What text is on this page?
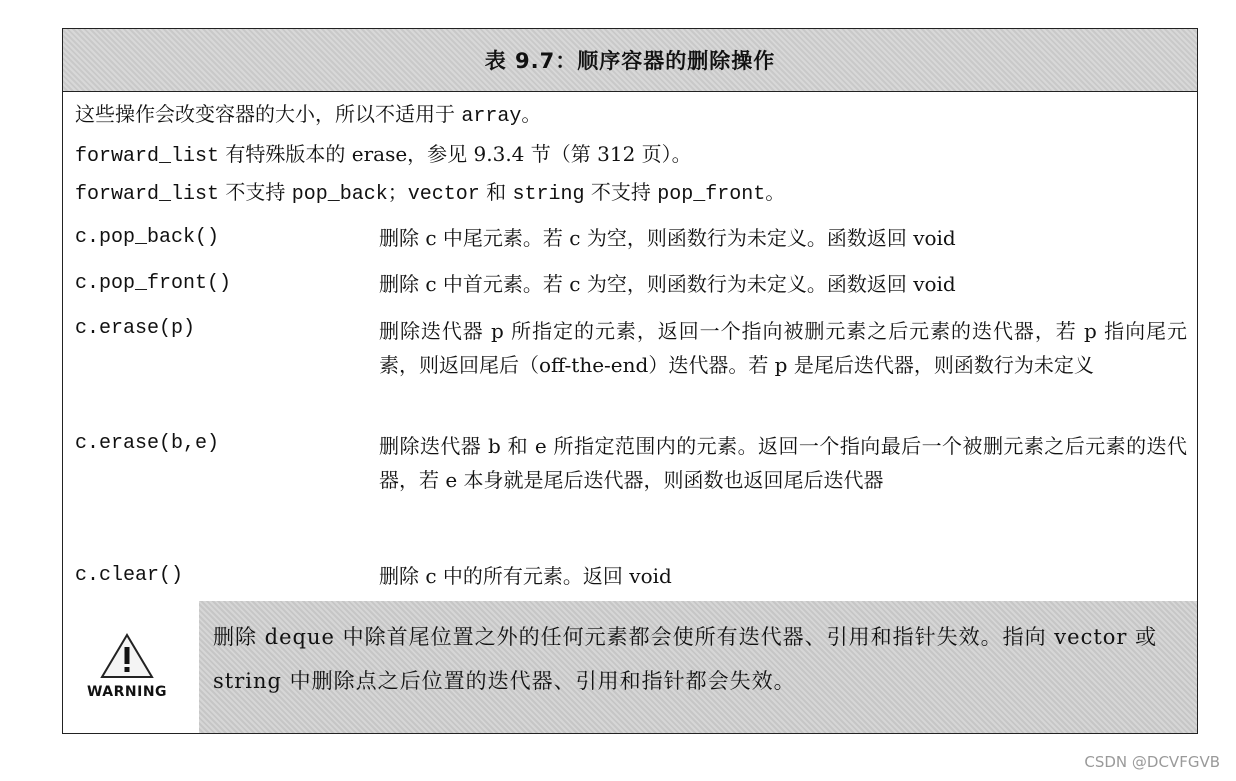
表 9.7：顺序容器的删除操作
这些操作会改变容器的大小，所以不适用于 array。
forward_list 有特殊版本的 erase，参见 9.3.4 节（第 312 页）。
forward_list 不支持 pop_back；vector 和 string 不支持 pop_front。
c.pop_back()	删除 c 中尾元素。若 c 为空，则函数行为未定义。函数返回 void
c.pop_front()	删除 c 中首元素。若 c 为空，则函数行为未定义。函数返回 void
c.erase(p)	删除迭代器 p 所指定的元素，返回一个指向被删元素之后元素的迭代器，若 p 指向尾元素，则返回尾后（off-the-end）迭代器。若 p 是尾后迭代器，则函数行为未定义
c.erase(b,e)	删除迭代器 b 和 e 所指定范围内的元素。返回一个指向最后一个被删元素之后元素的迭代器，若 e 本身就是尾后迭代器，则函数也返回尾后迭代器
c.clear()	删除 c 中的所有元素。返回 void
WARNING
删除 deque 中除首尾位置之外的任何元素都会使所有迭代器、引用和指针失效。指向 vector 或 string 中删除点之后位置的迭代器、引用和指针都会失效。
CSDN @DCVFGVB
